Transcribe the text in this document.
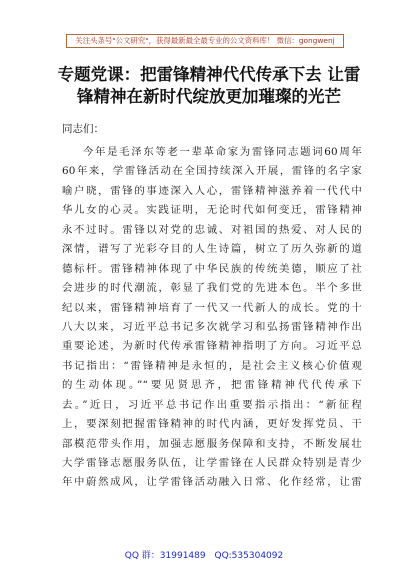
关注头条号"公文研究"，获得最新最全最专业的公文资料库！ 微信：gongwenj
专题党课：把雷锋精神代代传承下去 让雷
锋精神在新时代绽放更加璀璨的光芒
同志们：
今年是毛泽东等老一辈革命家为雷锋同志题词60周年
60年来，学雷锋活动在全国持续深入开展，雷锋的名字家
喻户晓，雷锋的事迹深入人心，雷锋精神滋养着一代代中
华儿女的心灵。实践证明，无论时代如何变迁，雷锋精神
永不过时。雷锋以对党的忠诚、对祖国的热爱、对人民的
深情，谱写了光彩夺目的人生诗篇，树立了历久弥新的道
德标杆。雷锋精神体现了中华民族的传统美德，顺应了社
会进步的时代潮流，彰显了我们党的先进本色。半个多世
纪以来，雷锋精神培育了一代又一代新人的成长。党的十
八大以来，习近平总书记多次就学习和弘扬雷锋精神作出
重要论述，为新时代传承雷锋精神指明了方向。习近平总
书记指出：“雷锋精神是永恒的，是社会主义核心价值观
的生动体现。”“要见贤思齐，把雷锋精神代代传承下
去。”近日，习近平总书记作出重要指示指出：“新征程
上，要深刻把握雷锋精神的时代内涵，更好发挥党员、干
部模范带头作用，加强志愿服务保障和支持，不断发展壮
大学雷锋志愿服务队伍，让学雷锋在人民群众特别是青少
年中蔚然成风，让学雷锋活动融入日常、化作经常，让雷
QQ 群：31991489 QQ:535304092
